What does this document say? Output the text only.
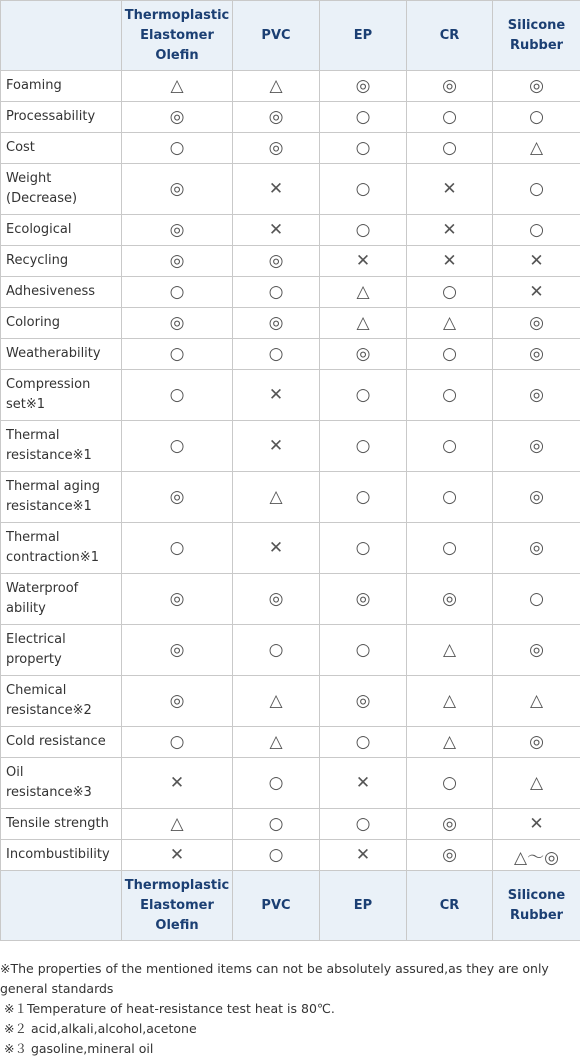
	Thermoplastic
Elastomer
Olefin	PVC	EP	CR	Silicone
Rubber
Foaming	△	△	◎	◎	◎
Processability	◎	◎	○	○	○
Cost	○	◎	○	○	△
Weight
(Decrease)	◎	✕	○	✕	○
Ecological	◎	✕	○	✕	○
Recycling	◎	◎	✕	✕	✕
Adhesiveness	○	○	△	○	✕
Coloring	◎	◎	△	△	◎
Weatherability	○	○	◎	○	◎
Compression
set※1	○	✕	○	○	◎
Thermal
resistance※1	○	✕	○	○	◎
Thermal aging
resistance※1	◎	△	○	○	◎
Thermal
contraction※1	○	✕	○	○	◎
Waterproof
ability	◎	◎	◎	◎	○
Electrical
property	◎	○	○	△	◎
Chemical
resistance※2	◎	△	◎	△	△
Cold resistance	○	△	○	△	◎
Oil
resistance※3	✕	○	✕	○	△
Tensile strength	△	○	○	◎	✕
Incombustibility	✕	○	✕	◎	△～◎
	Thermoplastic
Elastomer
Olefin	PVC	EP	CR	Silicone
Rubber

※The properties of the mentioned items can not be absolutely assured,as they are only general standards

※１Temperature of heat-resistance test heat is 80℃.

※２ acid,alkali,alcohol,acetone

※３ gasoline,mineral oil
